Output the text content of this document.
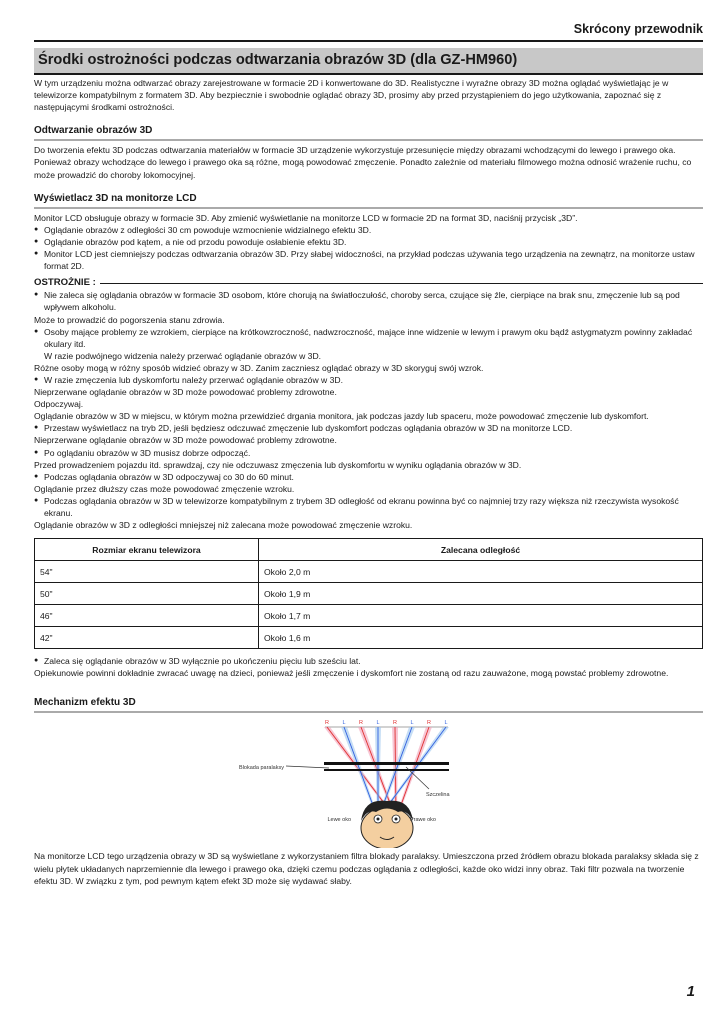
Skrócony przewodnik
Środki ostrożności podczas odtwarzania obrazów 3D (dla GZ-HM960)

W tym urządzeniu można odtwarzać obrazy zarejestrowane w formacie 2D i konwertowane do 3D. Realistyczne i wyraźne obrazy 3D można oglądać wyświetlając je w telewizorze kompatybilnym z formatem 3D. Aby bezpiecznie i swobodnie oglądać obrazy 3D, prosimy aby przed przystąpieniem do jego użytkowania, zapoznać się z następującymi środkami ostrożności.

Odtwarzanie obrazów 3D

Do tworzenia efektu 3D podczas odtwarzania materiałów w formacie 3D urządzenie wykorzystuje przesunięcie między obrazami wchodzącymi do lewego i prawego oka. Ponieważ obrazy wchodzące do lewego i prawego oka są różne, mogą powodować zmęczenie. Ponadto zależnie od materiału filmowego można odnosić wrażenie ruchu, co może prowadzić do choroby lokomocyjnej.

Wyświetlacz 3D na monitorze LCD

Monitor LCD obsługuje obrazy w formacie 3D. Aby zmienić wyświetlanie na monitorze LCD w formacie 2D na format 3D, naciśnij przycisk „3D”.

● Oglądanie obrazów z odległości 30 cm powoduje wzmocnienie widzialnego efektu 3D.

● Oglądanie obrazów pod kątem, a nie od przodu powoduje osłabienie efektu 3D.

● Monitor LCD jest ciemniejszy podczas odtwarzania obrazów 3D. Przy słabej widoczności, na przykład podczas używania tego urządzenia na zewnątrz, na monitorze ustaw format 2D.

OSTROŻNIE :

● Nie zaleca się oglądania obrazów w formacie 3D osobom, które chorują na światłoczułość, choroby serca, czujące się źle, cierpiące na brak snu, zmęczenie lub są pod wpływem alkoholu.

Może to prowadzić do pogorszenia stanu zdrowia.

● Osoby mające problemy ze wzrokiem, cierpiące na krótkowzroczność, nadwzroczność, mające inne widzenie w lewym i prawym oku bądź astygmatyzm powinny zakładać okulary itd.

W razie podwójnego widzenia należy przerwać oglądanie obrazów w 3D.

Różne osoby mogą w różny sposób widzieć obrazy w 3D. Zanim zaczniesz oglądać obrazy w 3D skoryguj swój wzrok.

● W razie zmęczenia lub dyskomfortu należy przerwać oglądanie obrazów w 3D.

Nieprzerwane oglądanie obrazów w 3D może powodować problemy zdrowotne.

Odpoczywaj.

Oglądanie obrazów w 3D w miejscu, w którym można przewidzieć drgania monitora, jak podczas jazdy lub spaceru, może powodować zmęczenie lub dyskomfort.

● Przestaw wyświetlacz na tryb 2D, jeśli będziesz odczuwać zmęczenie lub dyskomfort podczas oglądania obrazów w 3D na monitorze LCD.

Nieprzerwane oglądanie obrazów w 3D może powodować problemy zdrowotne.

● Po oglądaniu obrazów w 3D musisz dobrze odpocząć.

Przed prowadzeniem pojazdu itd. sprawdzaj, czy nie odczuwasz zmęczenia lub dyskomfortu w wyniku oglądania obrazów w 3D.

● Podczas oglądania obrazów w 3D odpoczywaj co 30 do 60 minut.

Oglądanie przez dłuższy czas może powodować zmęczenie wzroku.

● Podczas oglądania obrazów w 3D w telewizorze kompatybilnym z trybem 3D odległość od ekranu powinna być co najmniej trzy razy większa niż rzeczywista wysokość ekranu.

Oglądanie obrazów w 3D z odległości mniejszej niż zalecana może powodować zmęczenie wzroku.

Rozmiar ekranu telewizora	Zalecana odległość
54"	Około 2,0 m
50"	Około 1,9 m
46"	Około 1,7 m
42"	Około 1,6 m

● Zaleca się oglądanie obrazów w 3D wyłącznie po ukończeniu pięciu lub sześciu lat.

Opiekunowie powinni dokładnie zwracać uwagę na dzieci, ponieważ jeśli zmęczenie i dyskomfort nie zostaną od razu zauważone, mogą powstać problemy zdrowotne.

Mechanizm efektu 3D
R L R L R L R L
Blokada paralaksy
Szczelina
Lewe oko	Prawe oko

Na monitorze LCD tego urządzenia obrazy w 3D są wyświetlane z wykorzystaniem filtra blokady paralaksy. Umieszczona przed źródłem obrazu blokada paralaksy składa się z wielu płytek układanych naprzemiennie dla lewego i prawego oka, dzięki czemu podczas oglądania z odległości, każde oko widzi inny obraz. Taki filtr pozwala na tworzenie efektu 3D. W związku z tym, pod pewnym kątem efekt 3D może się wydawać słaby.

1
